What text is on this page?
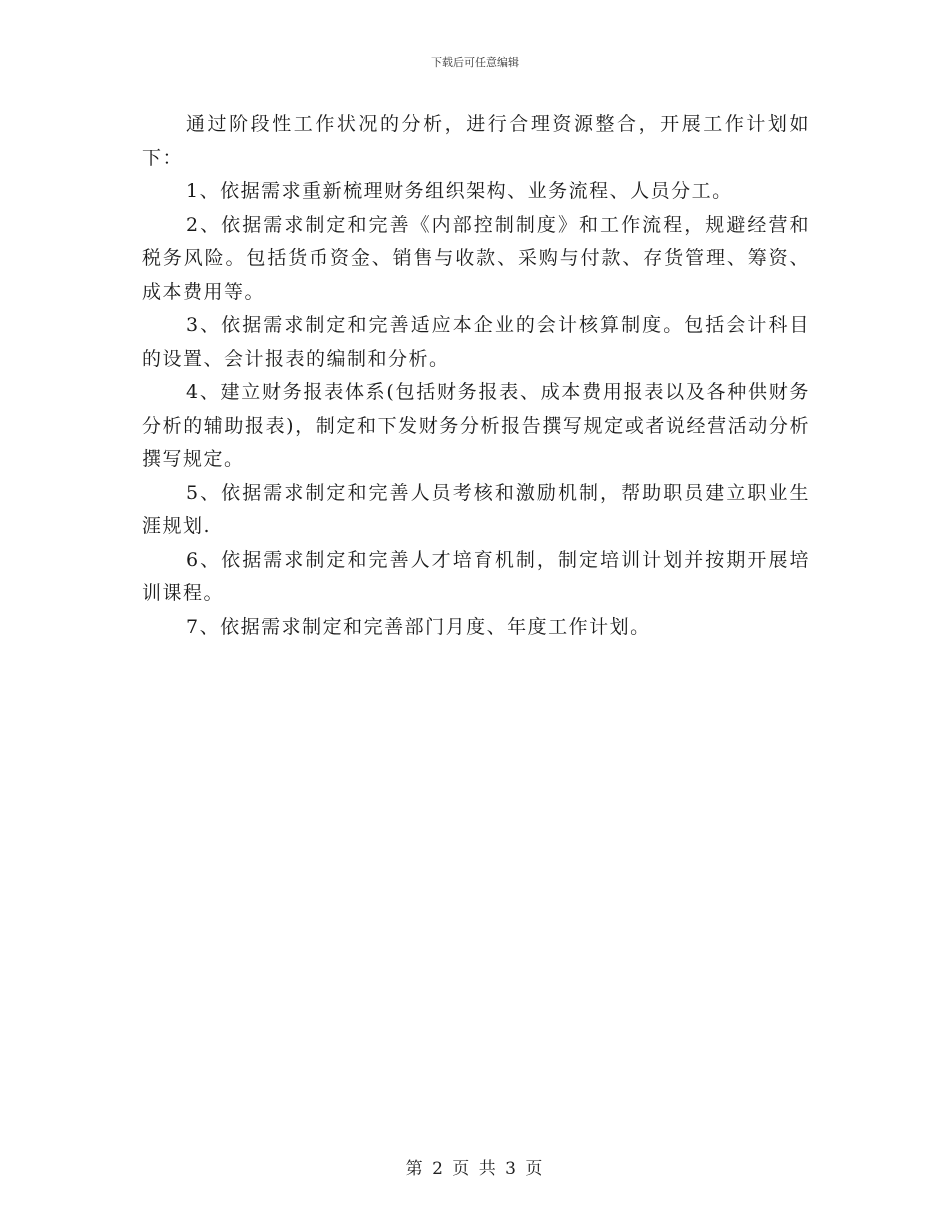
下载后可任意编辑

通过阶段性工作状况的分析，进行合理资源整合，开展工作计划如下：

1、依据需求重新梳理财务组织架构、业务流程、人员分工。

2、依据需求制定和完善《内部控制制度》和工作流程，规避经营和税务风险。包括货币资金、销售与收款、采购与付款、存货管理、筹资、成本费用等。

3、依据需求制定和完善适应本企业的会计核算制度。包括会计科目的设置、会计报表的编制和分析。

4、建立财务报表体系(包括财务报表、成本费用报表以及各种供财务分析的辅助报表)，制定和下发财务分析报告撰写规定或者说经营活动分析撰写规定。

5、依据需求制定和完善人员考核和激励机制，帮助职员建立职业生涯规划.

6、依据需求制定和完善人才培育机制，制定培训计划并按期开展培训课程。

7、依据需求制定和完善部门月度、年度工作计划。

第 2 页 共 3 页
